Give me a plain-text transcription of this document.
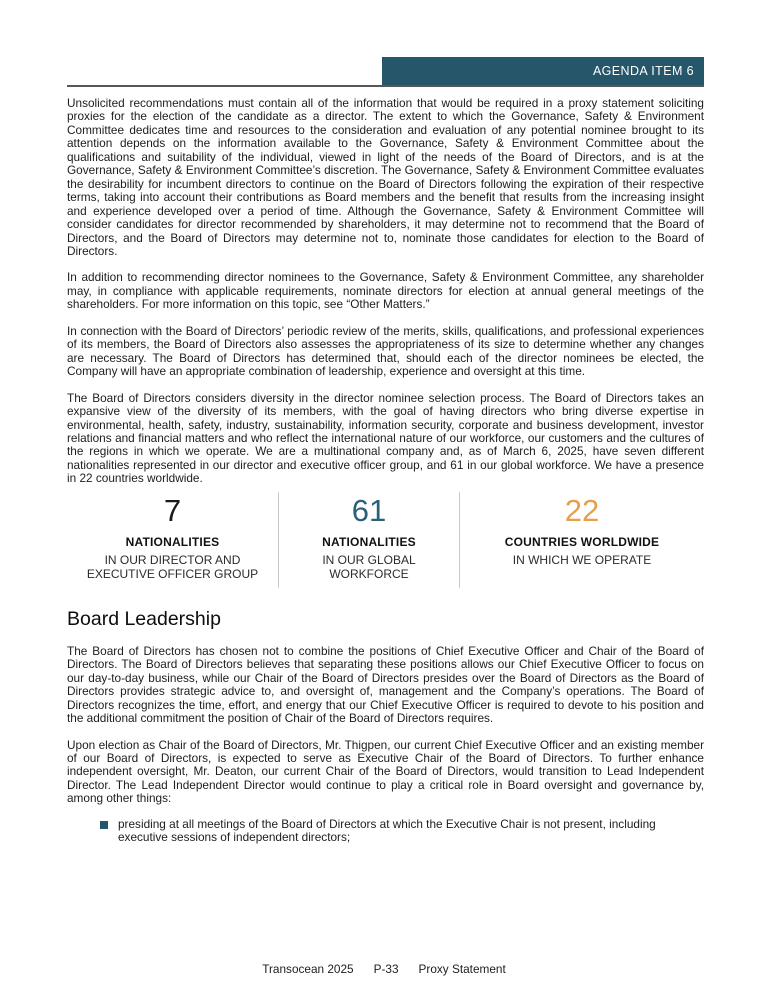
AGENDA ITEM 6

Unsolicited recommendations must contain all of the information that would be required in a proxy statement soliciting proxies for the election of the candidate as a director. The extent to which the Governance, Safety & Environment Committee dedicates time and resources to the consideration and evaluation of any potential nominee brought to its attention depends on the information available to the Governance, Safety & Environment Committee about the qualifications and suitability of the individual, viewed in light of the needs of the Board of Directors, and is at the Governance, Safety & Environment Committee’s discretion. The Governance, Safety & Environment Committee evaluates the desirability for incumbent directors to continue on the Board of Directors following the expiration of their respective terms, taking into account their contributions as Board members and the benefit that results from the increasing insight and experience developed over a period of time. Although the Governance, Safety & Environment Committee will consider candidates for director recommended by shareholders, it may determine not to recommend that the Board of Directors, and the Board of Directors may determine not to, nominate those candidates for election to the Board of Directors.

In addition to recommending director nominees to the Governance, Safety & Environment Committee, any shareholder may, in compliance with applicable requirements, nominate directors for election at annual general meetings of the shareholders. For more information on this topic, see “Other Matters.”

In connection with the Board of Directors’ periodic review of the merits, skills, qualifications, and professional experiences of its members, the Board of Directors also assesses the appropriateness of its size to determine whether any changes are necessary. The Board of Directors has determined that, should each of the director nominees be elected, the Company will have an appropriate combination of leadership, experience and oversight at this time.

The Board of Directors considers diversity in the director nominee selection process. The Board of Directors takes an expansive view of the diversity of its members, with the goal of having directors who bring diverse expertise in environmental, health, safety, industry, sustainability, information security, corporate and business development, investor relations and financial matters and who reflect the international nature of our workforce, our customers and the cultures of the regions in which we operate. We are a multinational company and, as of March 6, 2025, have seven different nationalities represented in our director and executive officer group, and 61 in our global workforce. We have a presence in 22 countries worldwide.

7
NATIONALITIES
IN OUR DIRECTOR AND EXECUTIVE OFFICER GROUP
61
NATIONALITIES
IN OUR GLOBAL WORKFORCE
22
COUNTRIES WORLDWIDE
IN WHICH WE OPERATE
Board Leadership

The Board of Directors has chosen not to combine the positions of Chief Executive Officer and Chair of the Board of Directors. The Board of Directors believes that separating these positions allows our Chief Executive Officer to focus on our day-to-day business, while our Chair of the Board of Directors presides over the Board of Directors as the Board of Directors provides strategic advice to, and oversight of, management and the Company’s operations. The Board of Directors recognizes the time, effort, and energy that our Chief Executive Officer is required to devote to his position and the additional commitment the position of Chair of the Board of Directors requires.

Upon election as Chair of the Board of Directors, Mr. Thigpen, our current Chief Executive Officer and an existing member of our Board of Directors, is expected to serve as Executive Chair of the Board of Directors. To further enhance independent oversight, Mr. Deaton, our current Chair of the Board of Directors, would transition to Lead Independent Director. The Lead Independent Director would continue to play a critical role in Board oversight and governance by, among other things:

presiding at all meetings of the Board of Directors at which the Executive Chair is not present, including executive sessions of independent directors;
Transocean 2025 P-33 Proxy Statement
